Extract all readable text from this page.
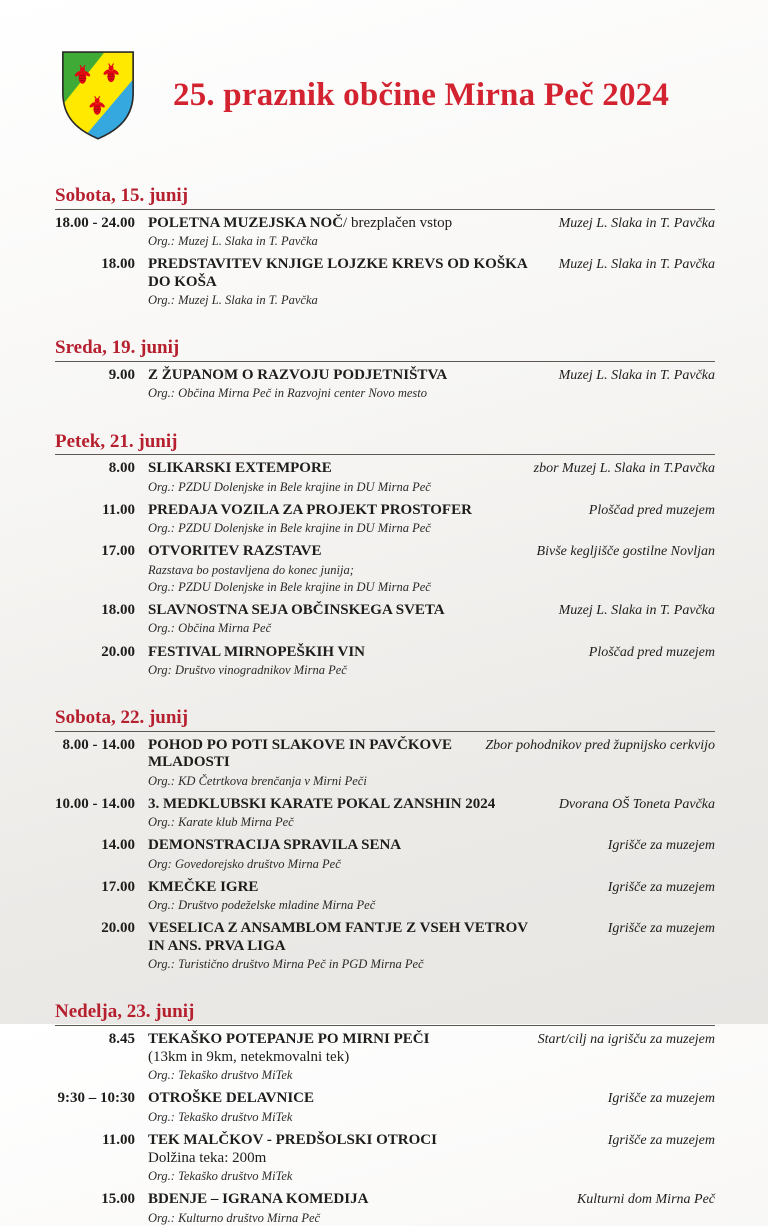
25. praznik občine Mirna Peč 2024
Sobota, 15. junij
18.00 - 24.00 POLETNA MUZEJSKA NOČ/ brezplačen vstop
Org.: Muzej L. Slaka in T. Pavčka
Muzej L. Slaka in T. Pavčka
18.00 PREDSTAVITEV KNJIGE LOJZKE KREVS OD KOŠKA DO KOŠA
Org.: Muzej L. Slaka in T. Pavčka
Muzej L. Slaka in T. Pavčka
Sreda, 19. junij
9.00 Z ŽUPANOM O RAZVOJU PODJETNIŠTVA
Org.: Občina Mirna Peč in Razvojni center Novo mesto
Muzej L. Slaka in T. Pavčka
Petek, 21. junij
8.00 SLIKARSKI EXTEMPORE
Org.: PZDU Dolenjske in Bele krajine in DU Mirna Peč
zbor Muzej L. Slaka in T.Pavčka
11.00 PREDAJA VOZILA ZA PROJEKT PROSTOFER
Org.: PZDU Dolenjske in Bele krajine in DU Mirna Peč
Ploščad pred muzejem
17.00 OTVORITEV RAZSTAVE
Razstava bo postavljena do konec junija;
Org.: PZDU Dolenjske in Bele krajine in DU Mirna Peč
Bivše kegljišče gostilne Novljan
18.00 SLAVNOSTNA SEJA OBČINSKEGA SVETA
Org.: Občina Mirna Peč
Muzej L. Slaka in T. Pavčka
20.00 FESTIVAL MIRNOPEŠKIH VIN
Org: Društvo vinogradnikov Mirna Peč
Ploščad pred muzejem
Sobota, 22. junij
8.00 - 14.00 POHOD PO POTI SLAKOVE IN PAVČKOVE MLADOSTI
Org.: KD Četrtkova brenčanja v Mirni Peči
Zbor pohodnikov pred župnijsko cerkvijo
10.00 - 14.00 3. MEDKLUBSKI KARATE POKAL ZANSHIN 2024
Org.: Karate klub Mirna Peč
Dvorana OŠ Toneta Pavčka
14.00 DEMONSTRACIJA SPRAVILA SENA
Org: Govedorejsko društvo Mirna Peč
Igrišče za muzejem
17.00 KMEČKE IGRE
Org.: Društvo podeželske mladine Mirna Peč
Igrišče za muzejem
20.00 VESELICA Z ANSAMBLOM FANTJE Z VSEH VETROV
IN ANS. PRVA LIGA
Org.: Turistično društvo Mirna Peč in PGD Mirna Peč
Igrišče za muzejem
Nedelja, 23. junij
8.45 TEKAŠKO POTEPANJE PO MIRNI PEČI
(13km in 9km, netekmovalni tek)
Org.: Tekaško društvo MiTek
Start/cilj na igrišču za muzejem
9:30 – 10:30 OTROŠKE DELAVNICE
Org.: Tekaško društvo MiTek
Igrišče za muzejem
11.00 TEK MALČKOV - PREDŠOLSKI OTROCI
Dolžina teka: 200m
Org.: Tekaško društvo MiTek
Igrišče za muzejem
15.00 BDENJE – IGRANA KOMEDIJA
Org.: Kulturno društvo Mirna Peč
Kulturni dom Mirna Peč
